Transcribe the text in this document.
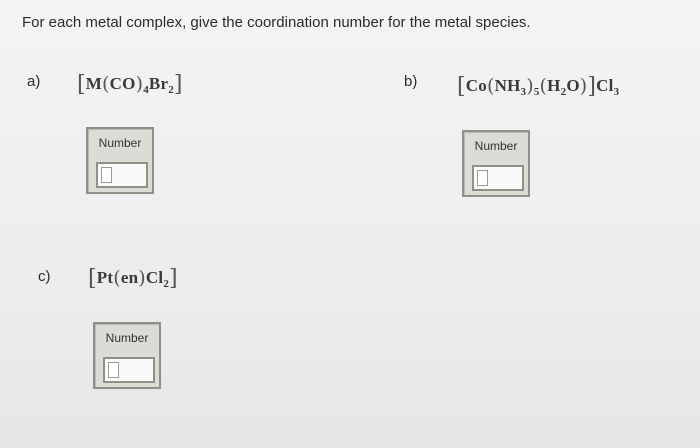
For each metal complex, give the coordination number for the metal species.
a) $[M(CO)_4Br_2]$
Number
b) $[Co(NH_3)_5(H_2O)]Cl_3$
Number
c) $[Pt(en)Cl_2]$
Number
